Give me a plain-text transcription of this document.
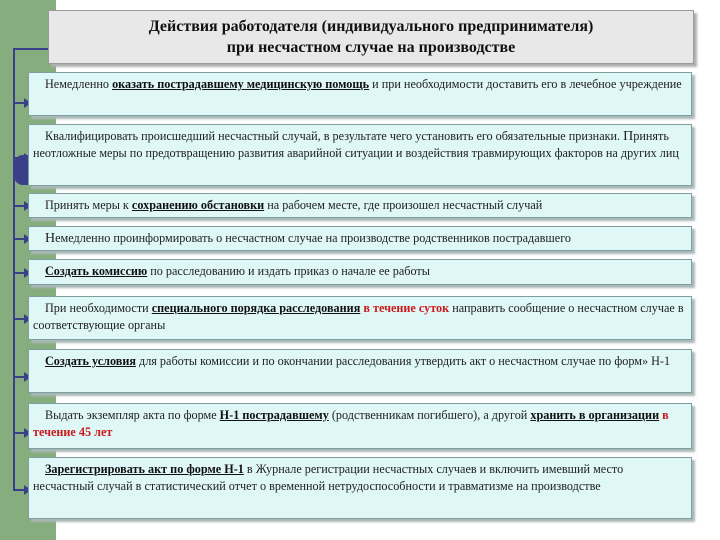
Действия работодателя (индивидуального предпринимателя)
при несчастном случае на производстве
Немедленно оказать пострадавшему медицинскую помощь и при необходимости доставить его в лечебное учреждение
Квалифицировать происшедший несчастный случай, в результате чего установить его обязательные признаки. Принять неотложные меры по предотвращению развития аварийной ситуации и воздействия травмирующих факторов на других лиц
Принять меры к сохранению обстановки на рабочем месте, где произошел несчастный случай
Немедленно проинформировать о несчастном случае на производстве родственников пострадавшего
Создать комиссию по расследованию и издать приказ о начале ее работы
При необходимости специального порядка расследования в течение суток направить сообщение о несчастном случае в соответствующие органы
Создать условия для работы комиссии и по окончании расследования утвердить акт о несчастном случае по форм» Н-1
Выдать экземпляр акта по форме Н-1 пострадавшему (родственникам погибшего), а другой хранить в организации в течение 45 лет
Зарегистрировать акт по форме Н-1 в Журнале регистрации несчастных случаев и включить имевший место несчастный случай в статистический отчет о временной нетрудоспособности и травматизме на производстве
